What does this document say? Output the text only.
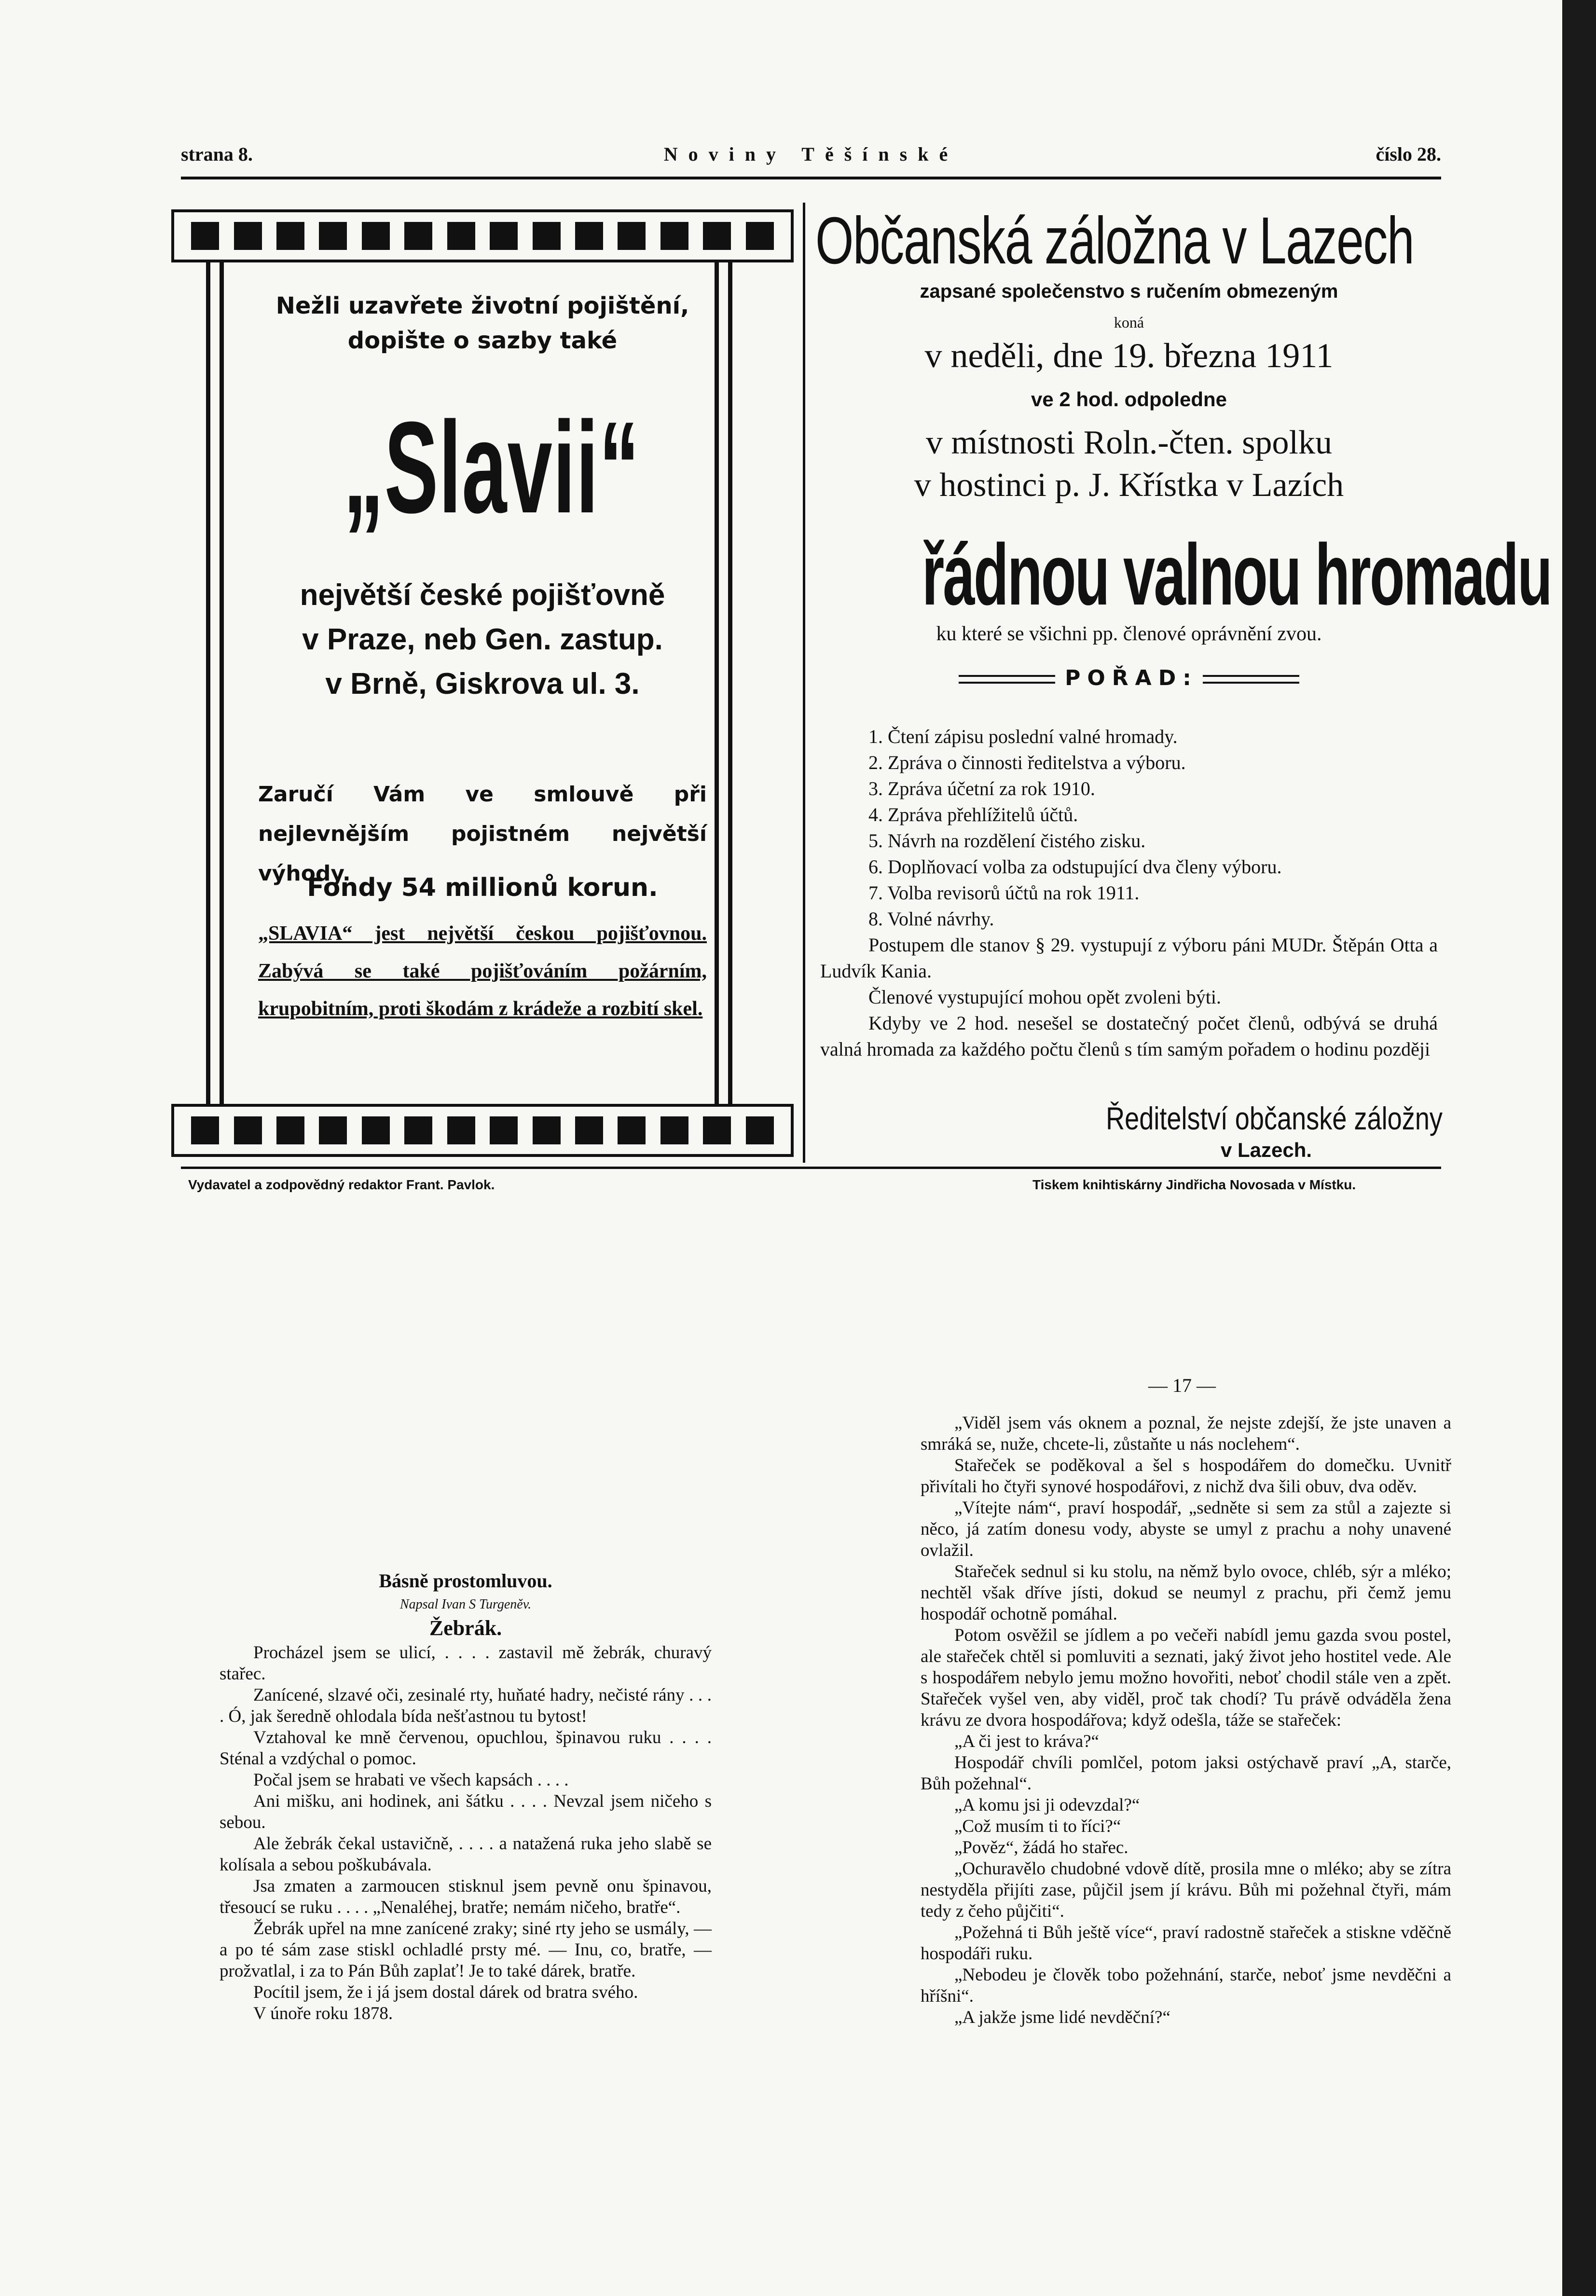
strana 8.	Noviny Těšínské	číslo 28.
Nežli uzavřete životní pojištění,
dopište o sazby také
„Slavii“
největší české pojišťovně
v Praze, neb Gen. zastup.
v Brně, Giskrova ul. 3.
Zaručí Vám ve smlouvě při nejlevnějším pojistném největší výhody.
Fondy 54 millionů korun.
„SLAVIA“ jest největší českou pojišťovnou. Zabývá se také pojišťováním požárním, krupobitním, proti škodám z krádeže a rozbití skel.
Občanská záložna v Lazech
zapsané společenstvo s ručením obmezeným
koná
v neděli, dne 19. března 1911
ve 2 hod. odpoledne
v místnosti Roln.-čten. spolku
v hostinci p. J. Křístka v Lazích
řádnou valnou hromadu
ku které se všichni pp. členové oprávnění zvou.
POŘAD:
1. Čtení zápisu poslední valné hromady.
2. Zpráva o činnosti ředitelstva a výboru.
3. Zpráva účetní za rok 1910.
4. Zpráva přehlížitelů účtů.
5. Návrh na rozdělení čistého zisku.
6. Doplňovací volba za odstupující dva členy výboru.
7. Volba revisorů účtů na rok 1911.
8. Volné návrhy.
Postupem dle stanov § 29. vystupují z výboru páni MUDr. Štěpán Otta a Ludvík Kania.
Členové vystupující mohou opět zvoleni býti.
Kdyby ve 2 hod. nesešel se dostatečný počet členů, odbývá se druhá valná hromada za každého počtu členů s tím samým pořadem o hodinu později
Ředitelství občanské záložny
v Lazech.
Vydavatel a zodpovědný redaktor Frant. Pavlok.	Tiskem knihtiskárny Jindřicha Novosada v Místku.

Básně prostomluvou.

Napsal Ivan S Turgeněv.

Žebrák.

Procházel jsem se ulicí, . . . . zastavil mě žebrák, churavý stařec.

Zanícené, slzavé oči, zesinalé rty, huňaté hadry, nečisté rány . . . . Ó, jak šeredně ohlodala bída nešťastnou tu bytost!

Vztahoval ke mně červenou, opuchlou, špinavou ruku . . . . Sténal a vzdýchal o pomoc.

Počal jsem se hrabati ve všech kapsách . . . .

Ani mišku, ani hodinek, ani šátku . . . . Nevzal jsem ničeho s sebou.

Ale žebrák čekal ustavičně, . . . . a natažená ruka jeho slabě se kolísala a sebou poškubávala.

Jsa zmaten a zarmoucen stisknul jsem pevně onu špinavou, třesoucí se ruku . . . . „Nenaléhej, bratře; nemám ničeho, bratře“.

Žebrák upřel na mne zanícené zraky; siné rty jeho se usmály, — a po té sám zase stiskl ochladlé prsty mé. — Inu, co, bratře, — prožvatlal, i za to Pán Bůh zaplať! Je to také dárek, bratře.

Pocítil jsem, že i já jsem dostal dárek od bratra svého.

V únoře roku 1878.

— 17 —

„Viděl jsem vás oknem a poznal, že nejste zdejší, že jste unaven a smráká se, nuže, chcete-li, zůstaňte u nás noclehem“.

Stařeček se poděkoval a šel s hospodářem do domečku. Uvnitř přivítali ho čtyři synové hospodářovi, z nichž dva šili obuv, dva oděv.

„Vítejte nám“, praví hospodář, „sedněte si sem za stůl a zajezte si něco, já zatím donesu vody, abyste se umyl z prachu a nohy unavené ovlažil.

Stařeček sednul si ku stolu, na němž bylo ovoce, chléb, sýr a mléko; nechtěl však dříve jísti, dokud se neumyl z prachu, při čemž jemu hospodář ochotně pomáhal.

Potom osvěžil se jídlem a po večeři nabídl jemu gazda svou postel, ale stařeček chtěl si pomluviti a seznati, jaký život jeho hostitel vede. Ale s hospodářem nebylo jemu možno hovořiti, neboť chodil stále ven a zpět. Stařeček vyšel ven, aby viděl, proč tak chodí? Tu právě odváděla žena krávu ze dvora hospodářova; když odešla, táže se stařeček:

„A či jest to kráva?“

Hospodář chvíli pomlčel, potom jaksi ostýchavě praví „A, starče, Bůh požehnal“.

„A komu jsi ji odevzdal?“

„Což musím ti to říci?“

„Pověz“, žádá ho stařec.

„Ochuravělo chudobné vdově dítě, prosila mne o mléko; aby se zítra nestyděla přijíti zase, půjčil jsem jí krávu. Bůh mi požehnal čtyři, mám tedy z čeho půjčiti“.

„Požehná ti Bůh ještě více“, praví radostně stařeček a stiskne vděčně hospodáři ruku.

„Nebodeu je člověk tobo požehnání, starče, neboť jsme nevděčni a hříšni“.

„A jakže jsme lidé nevděční?“
